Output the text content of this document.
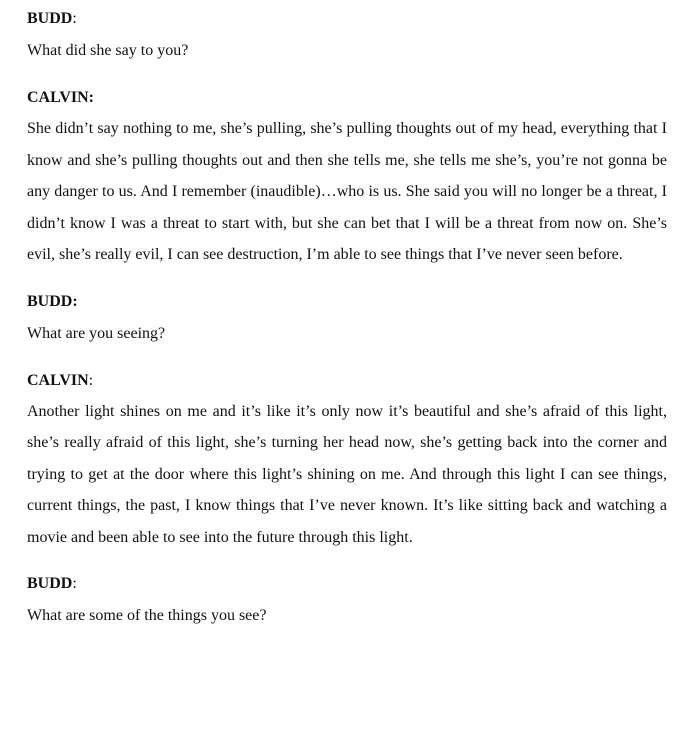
BUDD:

What did she say to you?

CALVIN:

She didn’t say nothing to me, she’s pulling, she’s pulling thoughts out of my head, everything that I know and she’s pulling thoughts out and then she tells me, she tells me she’s, you’re not gonna be any danger to us. And I remember (inaudible)…who is us. She said you will no longer be a threat, I didn’t know I was a threat to start with, but she can bet that I will be a threat from now on. She’s evil, she’s really evil, I can see destruction, I’m able to see things that I’ve never seen before.

BUDD:

What are you seeing?

CALVIN:

Another light shines on me and it’s like it’s only now it’s beautiful and she’s afraid of this light, she’s really afraid of this light, she’s turning her head now, she’s getting back into the corner and trying to get at the door where this light’s shining on me. And through this light I can see things, current things, the past, I know things that I’ve never known. It’s like sitting back and watching a movie and been able to see into the future through this light.

BUDD:

What are some of the things you see?
